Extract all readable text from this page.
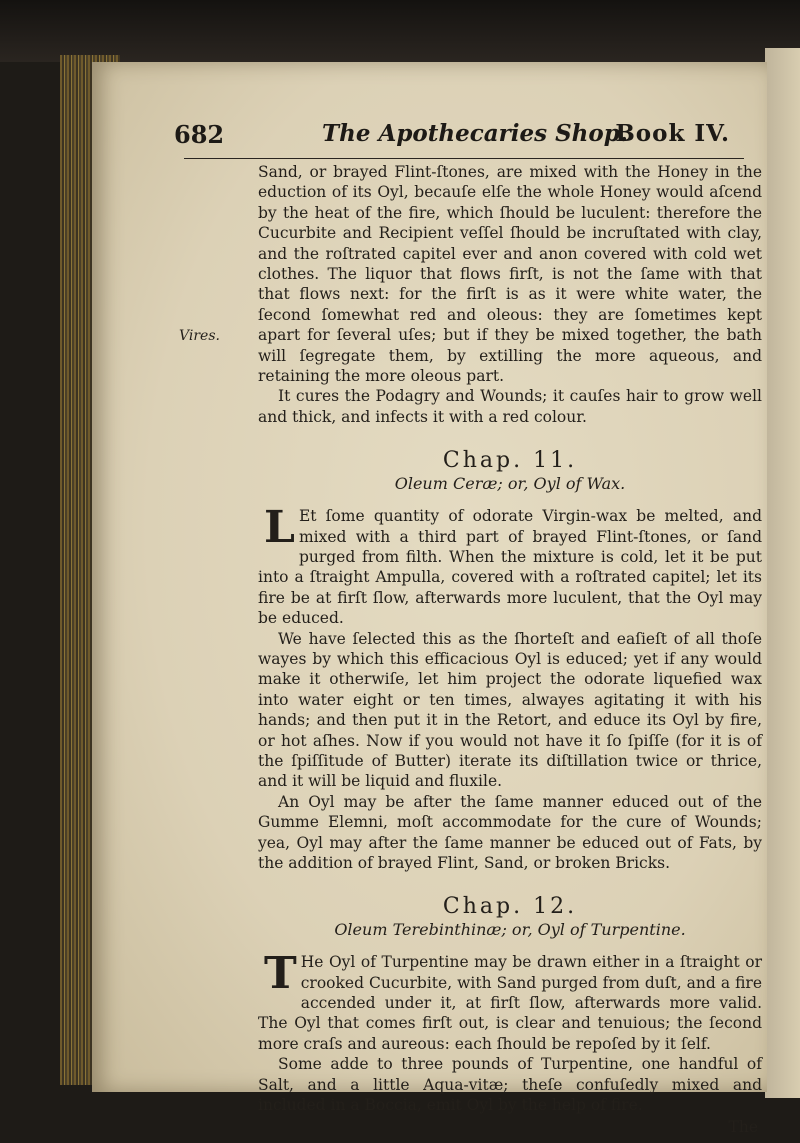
682	The Apothecaries Shop.
Book IV.
Vires.

Sand, or brayed Flint-ſtones, are mixed with the Honey in the eduction of its Oyl, becauſe elſe the whole Honey would aſcend by the heat of the fire, which ſhould be luculent: therefore the Cucurbite and Recipient veſſel ſhould be incruſtated with clay, and the roſtrated capitel ever and anon covered with cold wet clothes. The liquor that flows firſt, is not the ſame with that that flows next: for the firſt is as it were white water, the ſecond ſomewhat red and oleous: they are ſometimes kept apart for ſeveral uſes; but if they be mixed together, the bath will ſegregate them, by extilling the more aqueous, and retaining the more oleous part.

It cures the Podagry and Wounds; it cauſes hair to grow well and thick, and infects it with a red colour.

Chap. 11.
Oleum Ceræ; or, Oyl of Wax.

L Et ſome quantity of odorate Virgin-wax be melted, and mixed with a third part of brayed Flint-ſtones, or ſand purged from filth. When the mixture is cold, let it be put into a ſtraight Ampulla, covered with a roſtrated capitel; let its fire be at firſt ſlow, afterwards more luculent, that the Oyl may be educed.

We have ſelected this as the ſhorteſt and eaſieſt of all thoſe wayes by which this efficacious Oyl is educed; yet if any would make it otherwiſe, let him project the odorate liquefied wax into water eight or ten times, alwayes agitating it with his hands; and then put it in the Retort, and educe its Oyl by fire, or hot aſhes. Now if you would not have it ſo ſpiſſe (for it is of the ſpiſſitude of Butter) iterate its diſtillation twice or thrice, and it will be liquid and fluxile.

An Oyl may be after the ſame manner educed out of the Gumme Elemni, moſt accommodate for the cure of Wounds; yea, Oyl may after the ſame manner be educed out of Fats, by the addition of brayed Flint, Sand, or broken Bricks.

Chap. 12.
Oleum Terebinthinæ; or, Oyl of Turpentine.

T He Oyl of Turpentine may be drawn either in a ſtraight or crooked Cucurbite, with Sand purged from duſt, and a fire accended under it, at firſt ſlow, afterwards more valid. The Oyl that comes firſt out, is clear and tenuious; the ſecond more craſs and aureous: each ſhould be repoſed by it ſelf.

Some adde to three pounds of Turpentine, one handful of Salt, and a little Aqua-vitæ; theſe confuſedly mixed and included in a Boccia, emit Oyl by the help of fire.

The
